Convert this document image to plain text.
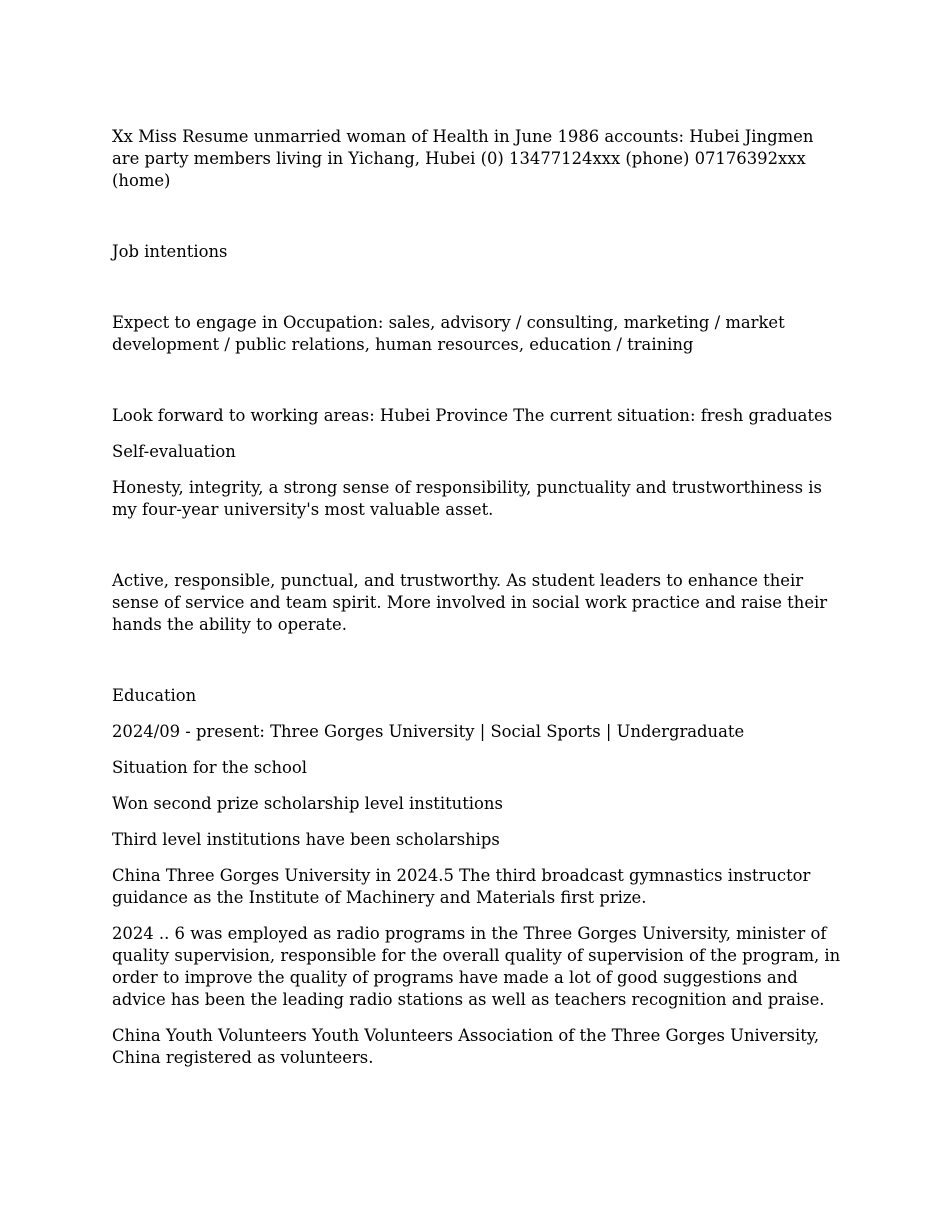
Xx Miss Resume unmarried woman of Health in June 1986 accounts: Hubei Jingmen are party members living in Yichang, Hubei (0) 13477124xxx (phone) 07176392xxx (home)

Job intentions

Expect to engage in Occupation: sales, advisory / consulting, marketing / market development / public relations, human resources, education / training

Look forward to working areas: Hubei Province The current situation: fresh graduates

Self-evaluation

Honesty, integrity, a strong sense of responsibility, punctuality and trustworthiness is my four-year university's most valuable asset.

Active, responsible, punctual, and trustworthy. As student leaders to enhance their sense of service and team spirit. More involved in social work practice and raise their hands the ability to operate.

Education

2024/09 - present: Three Gorges University | Social Sports | Undergraduate

Situation for the school

Won second prize scholarship level institutions

Third level institutions have been scholarships

China Three Gorges University in 2024.5 The third broadcast gymnastics instructor guidance as the Institute of Machinery and Materials first prize.

2024 .. 6 was employed as radio programs in the Three Gorges University, minister of quality supervision, responsible for the overall quality of supervision of the program, in order to improve the quality of programs have made a lot of good suggestions and advice has been the leading radio stations as well as teachers recognition and praise.

China Youth Volunteers Youth Volunteers Association of the Three Gorges University, China registered as volunteers.
